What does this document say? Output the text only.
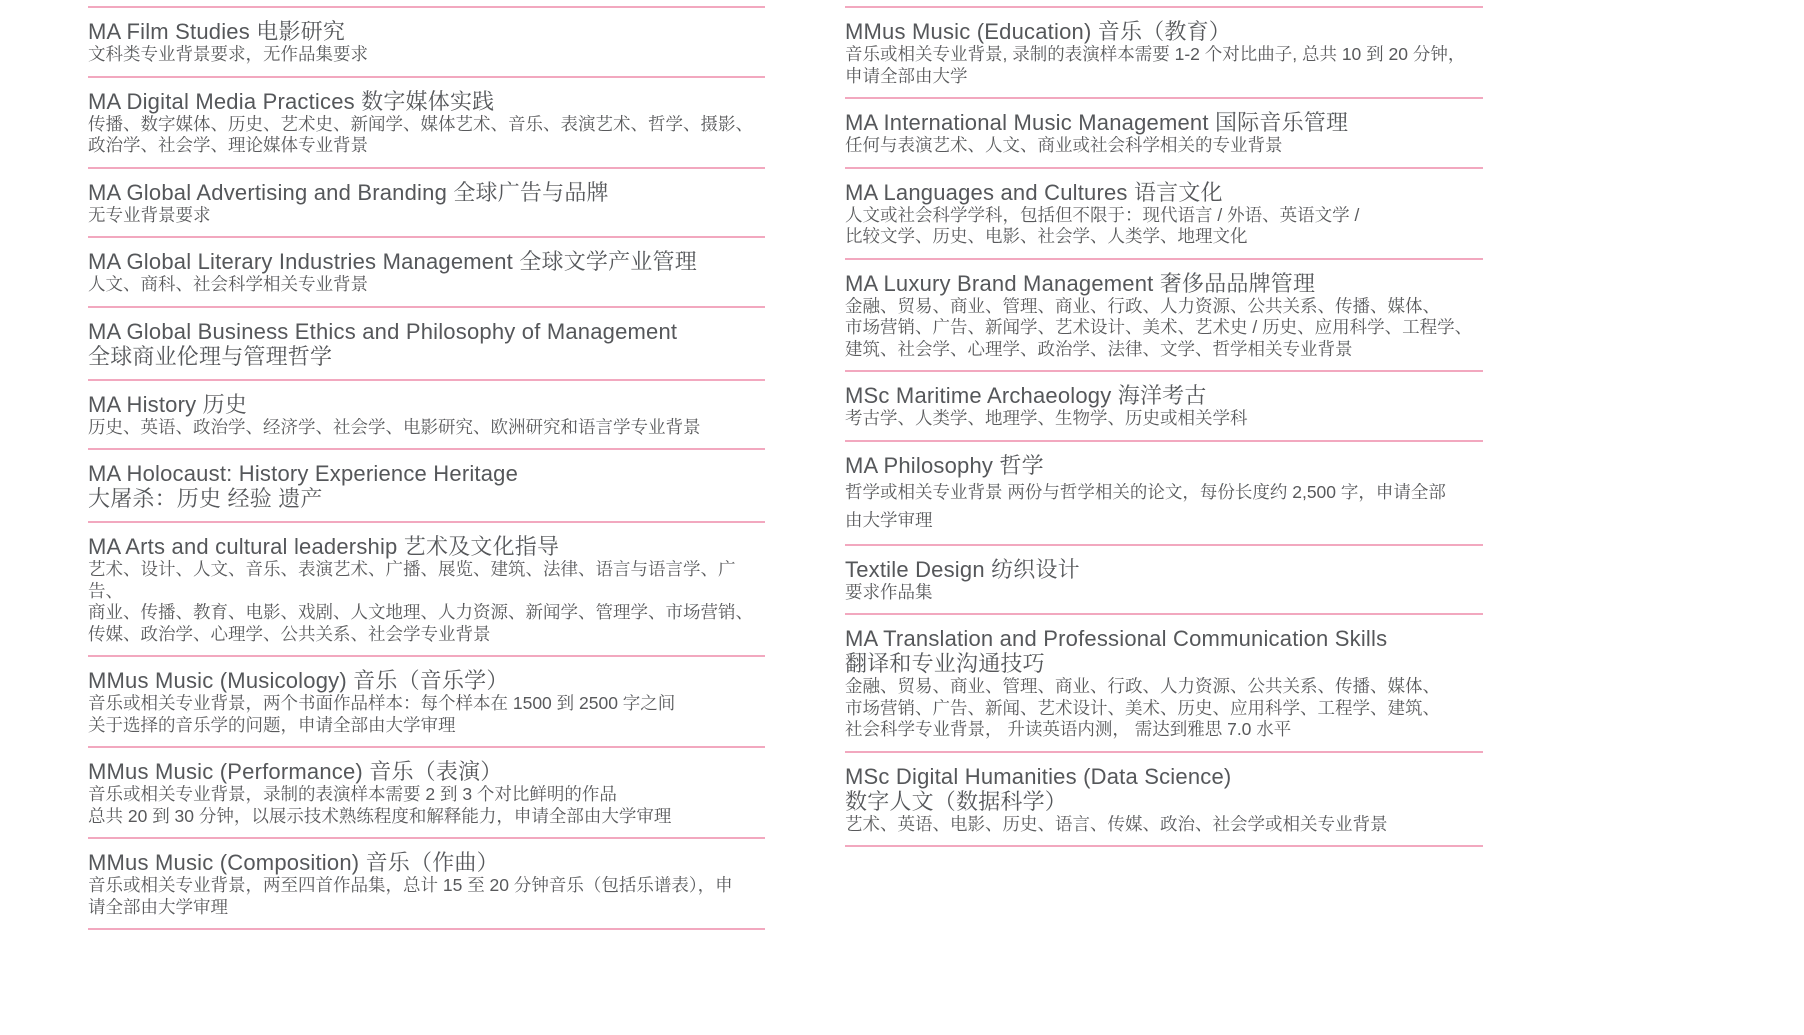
MA Film Studies 电影研究
文科类专业背景要求，无作品集要求
MA Digital Media Practices 数字媒体实践
传播、数字媒体、历史、艺术史、新闻学、媒体艺术、音乐、表演艺术、哲学、摄影、
政治学、社会学、理论媒体专业背景
MA Global Advertising and Branding 全球广告与品牌
无专业背景要求
MA Global Literary Industries Management 全球文学产业管理
人文、商科、社会科学相关专业背景
MA Global Business Ethics and Philosophy of Management
全球商业伦理与管理哲学
MA History 历史
历史、英语、政治学、经济学、社会学、电影研究、欧洲研究和语言学专业背景
MA Holocaust: History Experience Heritage
大屠杀：历史 经验 遗产
MA Arts and cultural leadership 艺术及文化指导
艺术、设计、人文、音乐、表演艺术、广播、展览、建筑、法律、语言与语言学、广告、
商业、传播、教育、电影、戏剧、人文地理、人力资源、新闻学、管理学、市场营销、
传媒、政治学、心理学、公共关系、社会学专业背景
MMus Music (Musicology) 音乐（音乐学）
音乐或相关专业背景，两个书面作品样本：每个样本在 1500 到 2500 字之间
关于选择的音乐学的问题，申请全部由大学审理
MMus Music (Performance) 音乐（表演）
音乐或相关专业背景，录制的表演样本需要 2 到 3 个对比鲜明的作品
总共 20 到 30 分钟，以展示技术熟练程度和解释能力，申请全部由大学审理
MMus Music (Composition) 音乐（作曲）
音乐或相关专业背景，两至四首作品集，总计 15 至 20 分钟音乐（包括乐谱表），申
请全部由大学审理
MMus Music (Education) 音乐（教育）
音乐或相关专业背景, 录制的表演样本需要 1-2 个对比曲子, 总共 10 到 20 分钟，
申请全部由大学
MA International Music Management 国际音乐管理
任何与表演艺术、人文、商业或社会科学相关的专业背景
MA Languages and Cultures 语言文化
人文或社会科学学科，包括但不限于：现代语言 / 外语、英语文学 /
比较文学、历史、电影、社会学、人类学、地理文化
MA Luxury Brand Management 奢侈品品牌管理
金融、贸易、商业、管理、商业、行政、人力资源、公共关系、传播、媒体、
市场营销、广告、新闻学、艺术设计、美术、艺术史 / 历史、应用科学、工程学、
建筑、社会学、心理学、政治学、法律、文学、哲学相关专业背景
MSc Maritime Archaeology 海洋考古
考古学、人类学、地理学、生物学、历史或相关学科
MA Philosophy 哲学
哲学或相关专业背景 两份与哲学相关的论文，每份长度约 2,500 字，申请全部
由大学审理
Textile Design 纺织设计
要求作品集
MA Translation and Professional Communication Skills
翻译和专业沟通技巧
金融、贸易、商业、管理、商业、行政、人力资源、公共关系、传播、媒体、
市场营销、广告、新闻、艺术设计、美术、历史、应用科学、工程学、建筑、
社会科学专业背景， 升读英语内测， 需达到雅思 7.0 水平
MSc Digital Humanities (Data Science)
数字人文（数据科学）
艺术、英语、电影、历史、语言、传媒、政治、社会学或相关专业背景
